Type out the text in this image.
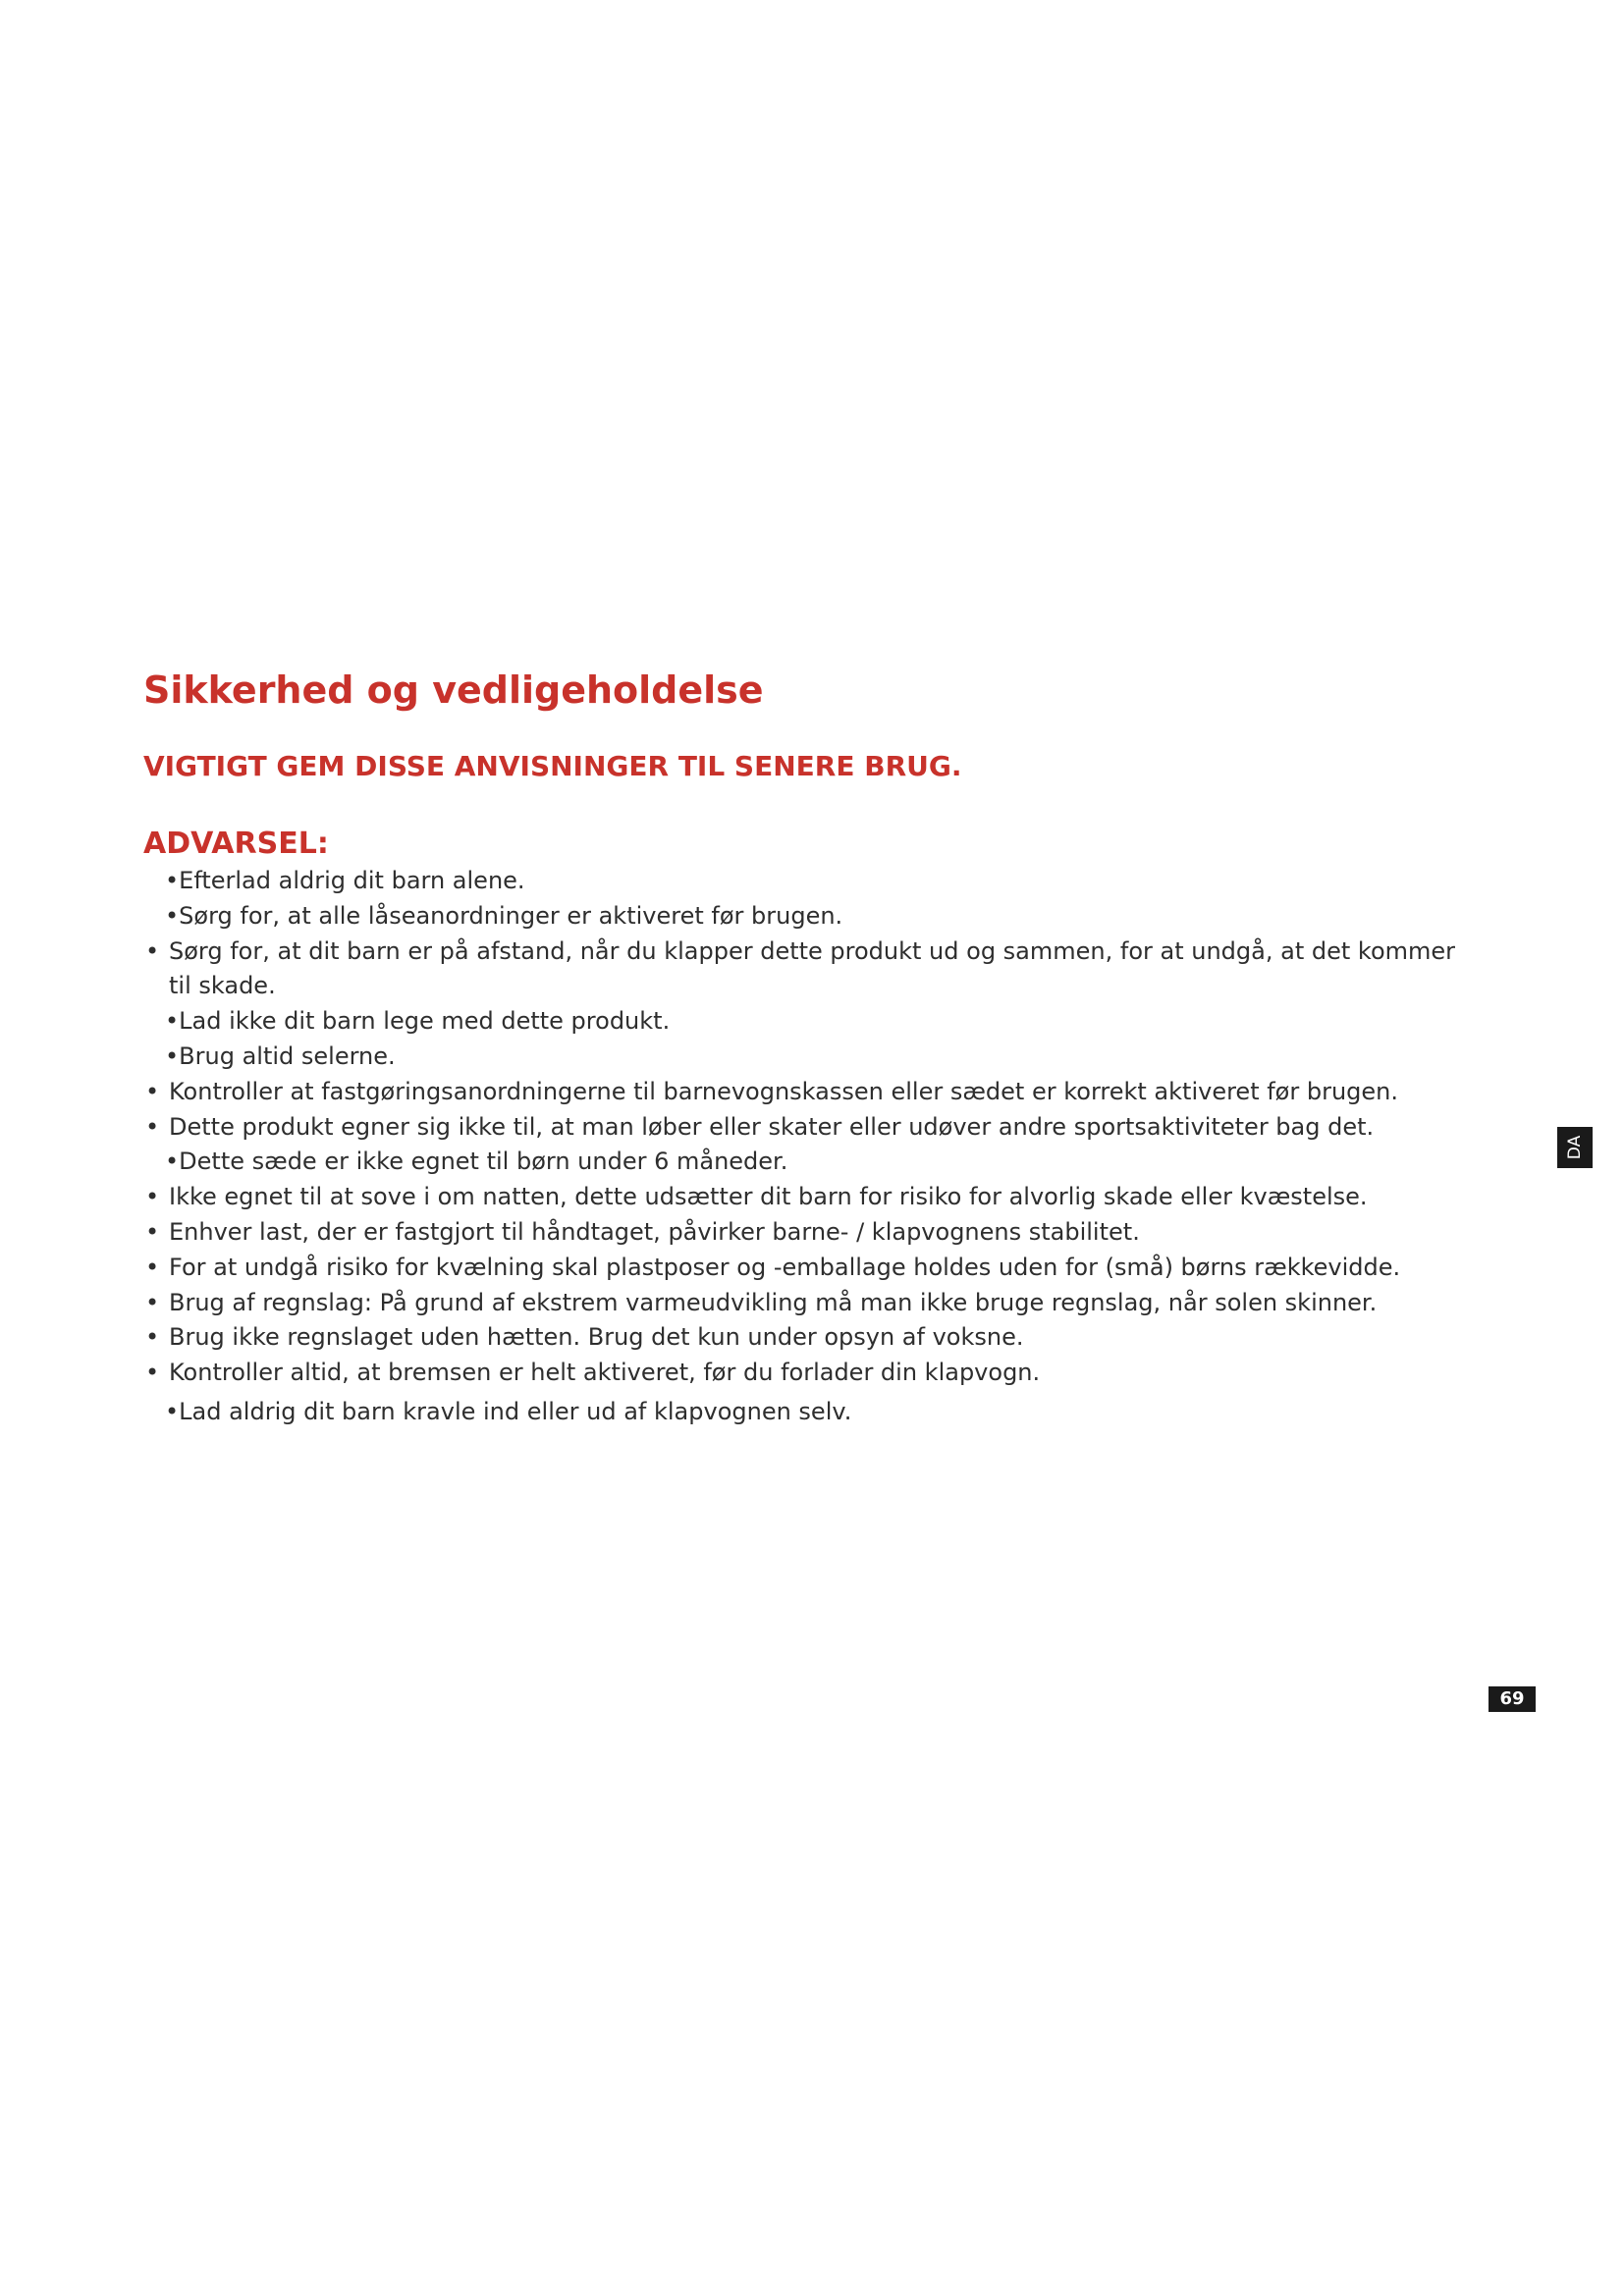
Sikkerhed og vedligeholdelse
VIGTIGT GEM DISSE ANVISNINGER TIL SENERE BRUG.
ADVARSEL:
•Efterlad aldrig dit barn alene.
•Sørg for, at alle låseanordninger er aktiveret før brugen.
• Sørg for, at dit barn er på afstand, når du klapper dette produkt ud og sammen, for at undgå, at det kommer til skade.
•Lad ikke dit barn lege med dette produkt.
•Brug altid selerne.
• Kontroller at fastgøringsanordningerne til barnevognskassen eller sædet er korrekt aktiveret før brugen.
• Dette produkt egner sig ikke til, at man løber eller skater eller udøver andre sportsaktiviteter bag det.
•Dette sæde er ikke egnet til børn under 6 måneder.
• Ikke egnet til at sove i om natten, dette udsætter dit barn for risiko for alvorlig skade eller kvæstelse.
• Enhver last, der er fastgjort til håndtaget, påvirker barne- / klapvognens stabilitet.
• For at undgå risiko for kvælning skal plastposer og -emballage holdes uden for (små) børns rækkevidde.
• Brug af regnslag: På grund af ekstrem varmeudvikling må man ikke bruge regnslag, når solen skinner.
• Brug ikke regnslaget uden hætten. Brug det kun under opsyn af voksne.
• Kontroller altid, at bremsen er helt aktiveret, før du forlader din klapvogn.
•Lad aldrig dit barn kravle ind eller ud af klapvognen selv.
DA
69
